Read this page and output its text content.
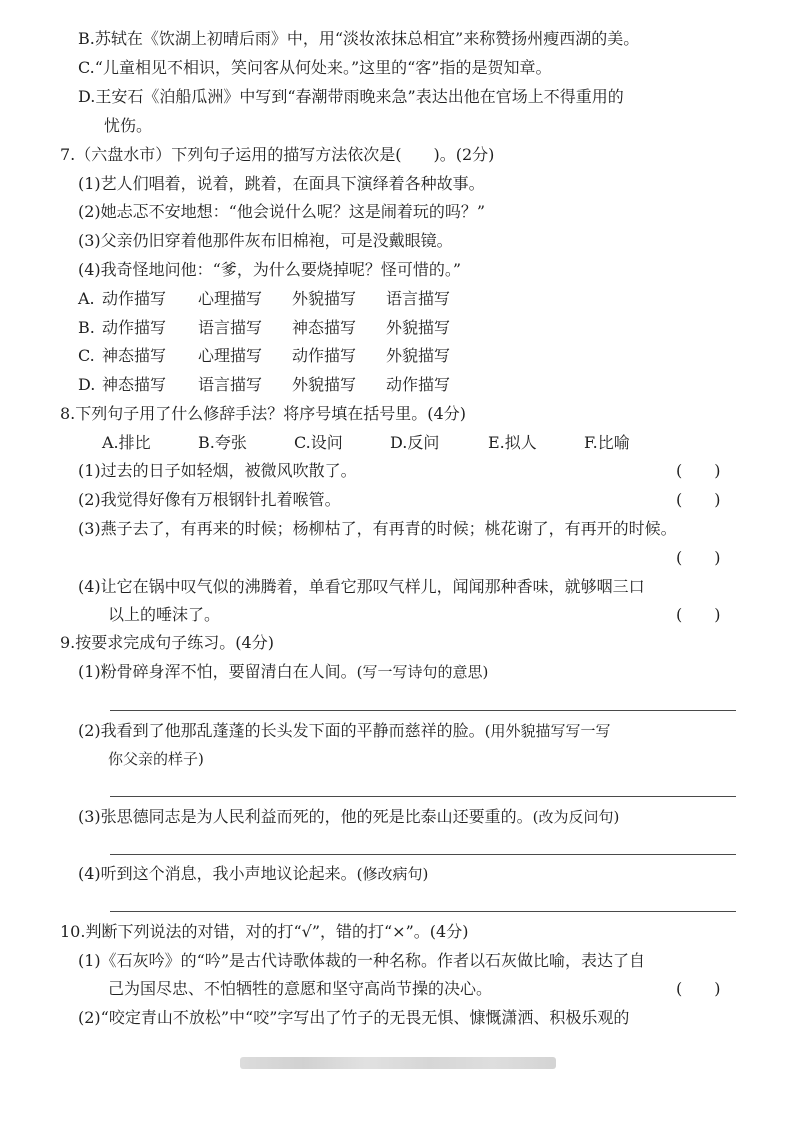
B.苏轼在《饮湖上初晴后雨》中，用“淡妆浓抹总相宜”来称赞扬州瘦西湖的美。
C.“儿童相见不相识，笑问客从何处来。”这里的“客”指的是贺知章。
D.王安石《泊船瓜洲》中写到“春潮带雨晚来急”表达出他在官场上不得重用的
忧伤。
7.（六盘水市）下列句子运用的描写方法依次是(　　)。(2分)
(1)艺人们唱着，说着，跳着，在面具下演绎着各种故事。
(2)她忐忑不安地想：“他会说什么呢？这是闹着玩的吗？”
(3)父亲仍旧穿着他那件灰布旧棉袍，可是没戴眼镜。
(4)我奇怪地问他：“爹，为什么要烧掉呢？怪可惜的。”
A. 动作描写 心理描写 外貌描写 语言描写
B. 动作描写 语言描写 神态描写 外貌描写
C. 神态描写 心理描写 动作描写 外貌描写
D. 神态描写 语言描写 外貌描写 动作描写
8.下列句子用了什么修辞手法？将序号填在括号里。(4分)
A.排比	B.夸张	C.设问	D.反问	E.拟人	F.比喻
(1)过去的日子如轻烟，被微风吹散了。	(　　)
(2)我觉得好像有万根钢针扎着喉管。	(　　)
(3)燕子去了，有再来的时候；杨柳枯了，有再青的时候；桃花谢了，有再开的时候。
(　　)
(4)让它在锅中叹气似的沸腾着，单看它那叹气样儿，闻闻那种香味，就够咽三口
以上的唾沫了。	(　　)
9.按要求完成句子练习。(4分)
(1)粉骨碎身浑不怕，要留清白在人间。(写一写诗句的意思)
(2)我看到了他那乱蓬蓬的长头发下面的平静而慈祥的脸。(用外貌描写写一写
你父亲的样子)
(3)张思德同志是为人民利益而死的，他的死是比泰山还要重的。(改为反问句)
(4)听到这个消息，我小声地议论起来。(修改病句)
10.判断下列说法的对错，对的打“√”，错的打“×”。(4分)
(1)《石灰吟》的“吟”是古代诗歌体裁的一种名称。作者以石灰做比喻，表达了自
己为国尽忠、不怕牺牲的意愿和坚守高尚节操的决心。	(　　)
(2)“咬定青山不放松”中“咬”字写出了竹子的无畏无惧、慷慨潇洒、积极乐观的
